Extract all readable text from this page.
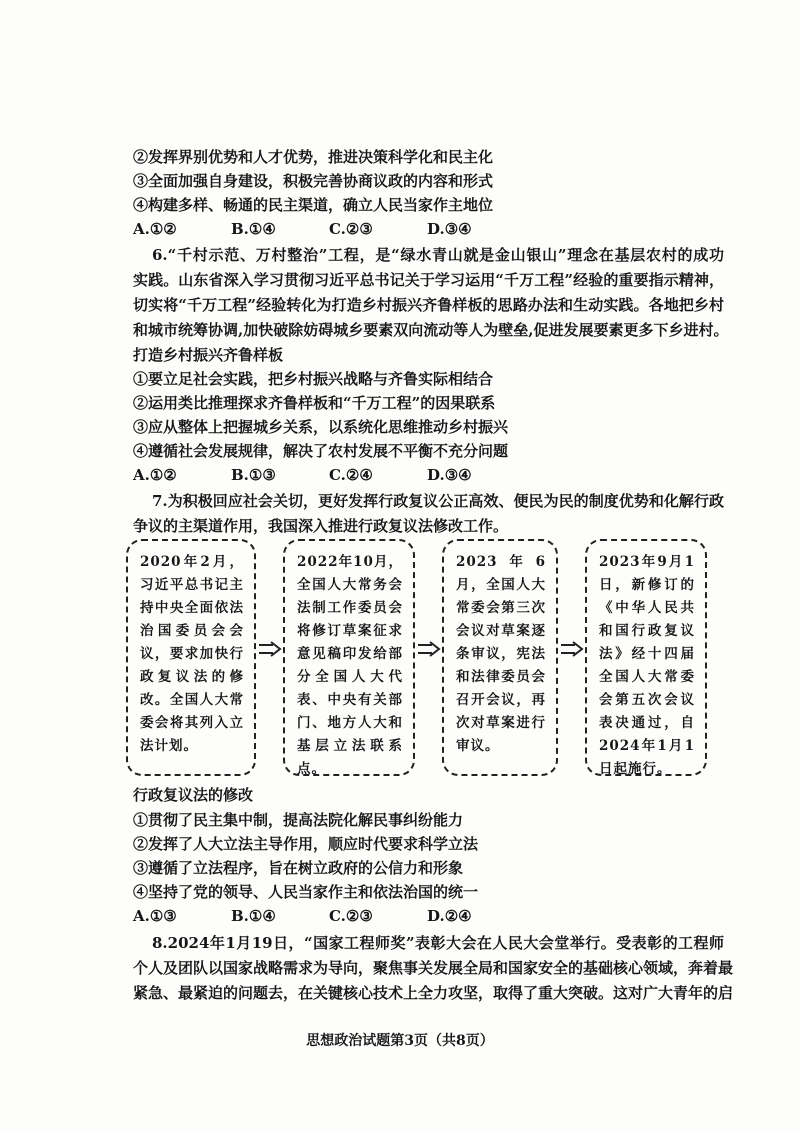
②发挥界别优势和人才优势，推进决策科学化和民主化
③全面加强自身建设，积极完善协商议政的内容和形式
④构建多样、畅通的民主渠道，确立人民当家作主地位
A.①②	B.①④	C.②③	D.③④
6.“千村示范、万村整治”工程，是“绿水青山就是金山银山”理念在基层农村的成功
实践。山东省深入学习贯彻习近平总书记关于学习运用“千万工程”经验的重要指示精神，
切实将“千万工程”经验转化为打造乡村振兴齐鲁样板的思路办法和生动实践。各地把乡村
和城市统筹协调,加快破除妨碍城乡要素双向流动等人为壁垒,促进发展要素更多下乡进村。
打造乡村振兴齐鲁样板
①要立足社会实践，把乡村振兴战略与齐鲁实际相结合
②运用类比推理探求齐鲁样板和“千万工程”的因果联系
③应从整体上把握城乡关系，以系统化思维推动乡村振兴
④遵循社会发展规律，解决了农村发展不平衡不充分问题
A.①②	B.①③	C.②④	D.③④
7.为积极回应社会关切，更好发挥行政复议公正高效、便民为民的制度优势和化解行政
争议的主渠道作用，我国深入推进行政复议法修改工作。
2020年2月，习近平总书记主持中央全面依法治国委员会会议，要求加快行政复议法的修改。全国人大常委会将其列入立法计划。
2022年10月，全国人大常务会法制工作委员会将修订草案征求意见稿印发给部分全国人大代表、中央有关部门、地方人大和基层立法联系点。
2023年6月，全国人大常委会第三次会议对草案逐条审议，宪法和法律委员会召开会议，再次对草案进行审议。
2023年9月1日，新修订的《中华人民共和国行政复议法》经十四届全国人大常委会第五次会议表决通过，自2024年1月1日起施行。
行政复议法的修改
①贯彻了民主集中制，提高法院化解民事纠纷能力
②发挥了人大立法主导作用，顺应时代要求科学立法
③遵循了立法程序，旨在树立政府的公信力和形象
④坚持了党的领导、人民当家作主和依法治国的统一
A.①③	B.①④	C.②③	D.②④
8.2024年1月19日，“国家工程师奖”表彰大会在人民大会堂举行。受表彰的工程师
个人及团队以国家战略需求为导向，聚焦事关发展全局和国家安全的基础核心领域，奔着最
紧急、最紧迫的问题去，在关键核心技术上全力攻坚，取得了重大突破。这对广大青年的启
思想政治试题第3页（共8页）
